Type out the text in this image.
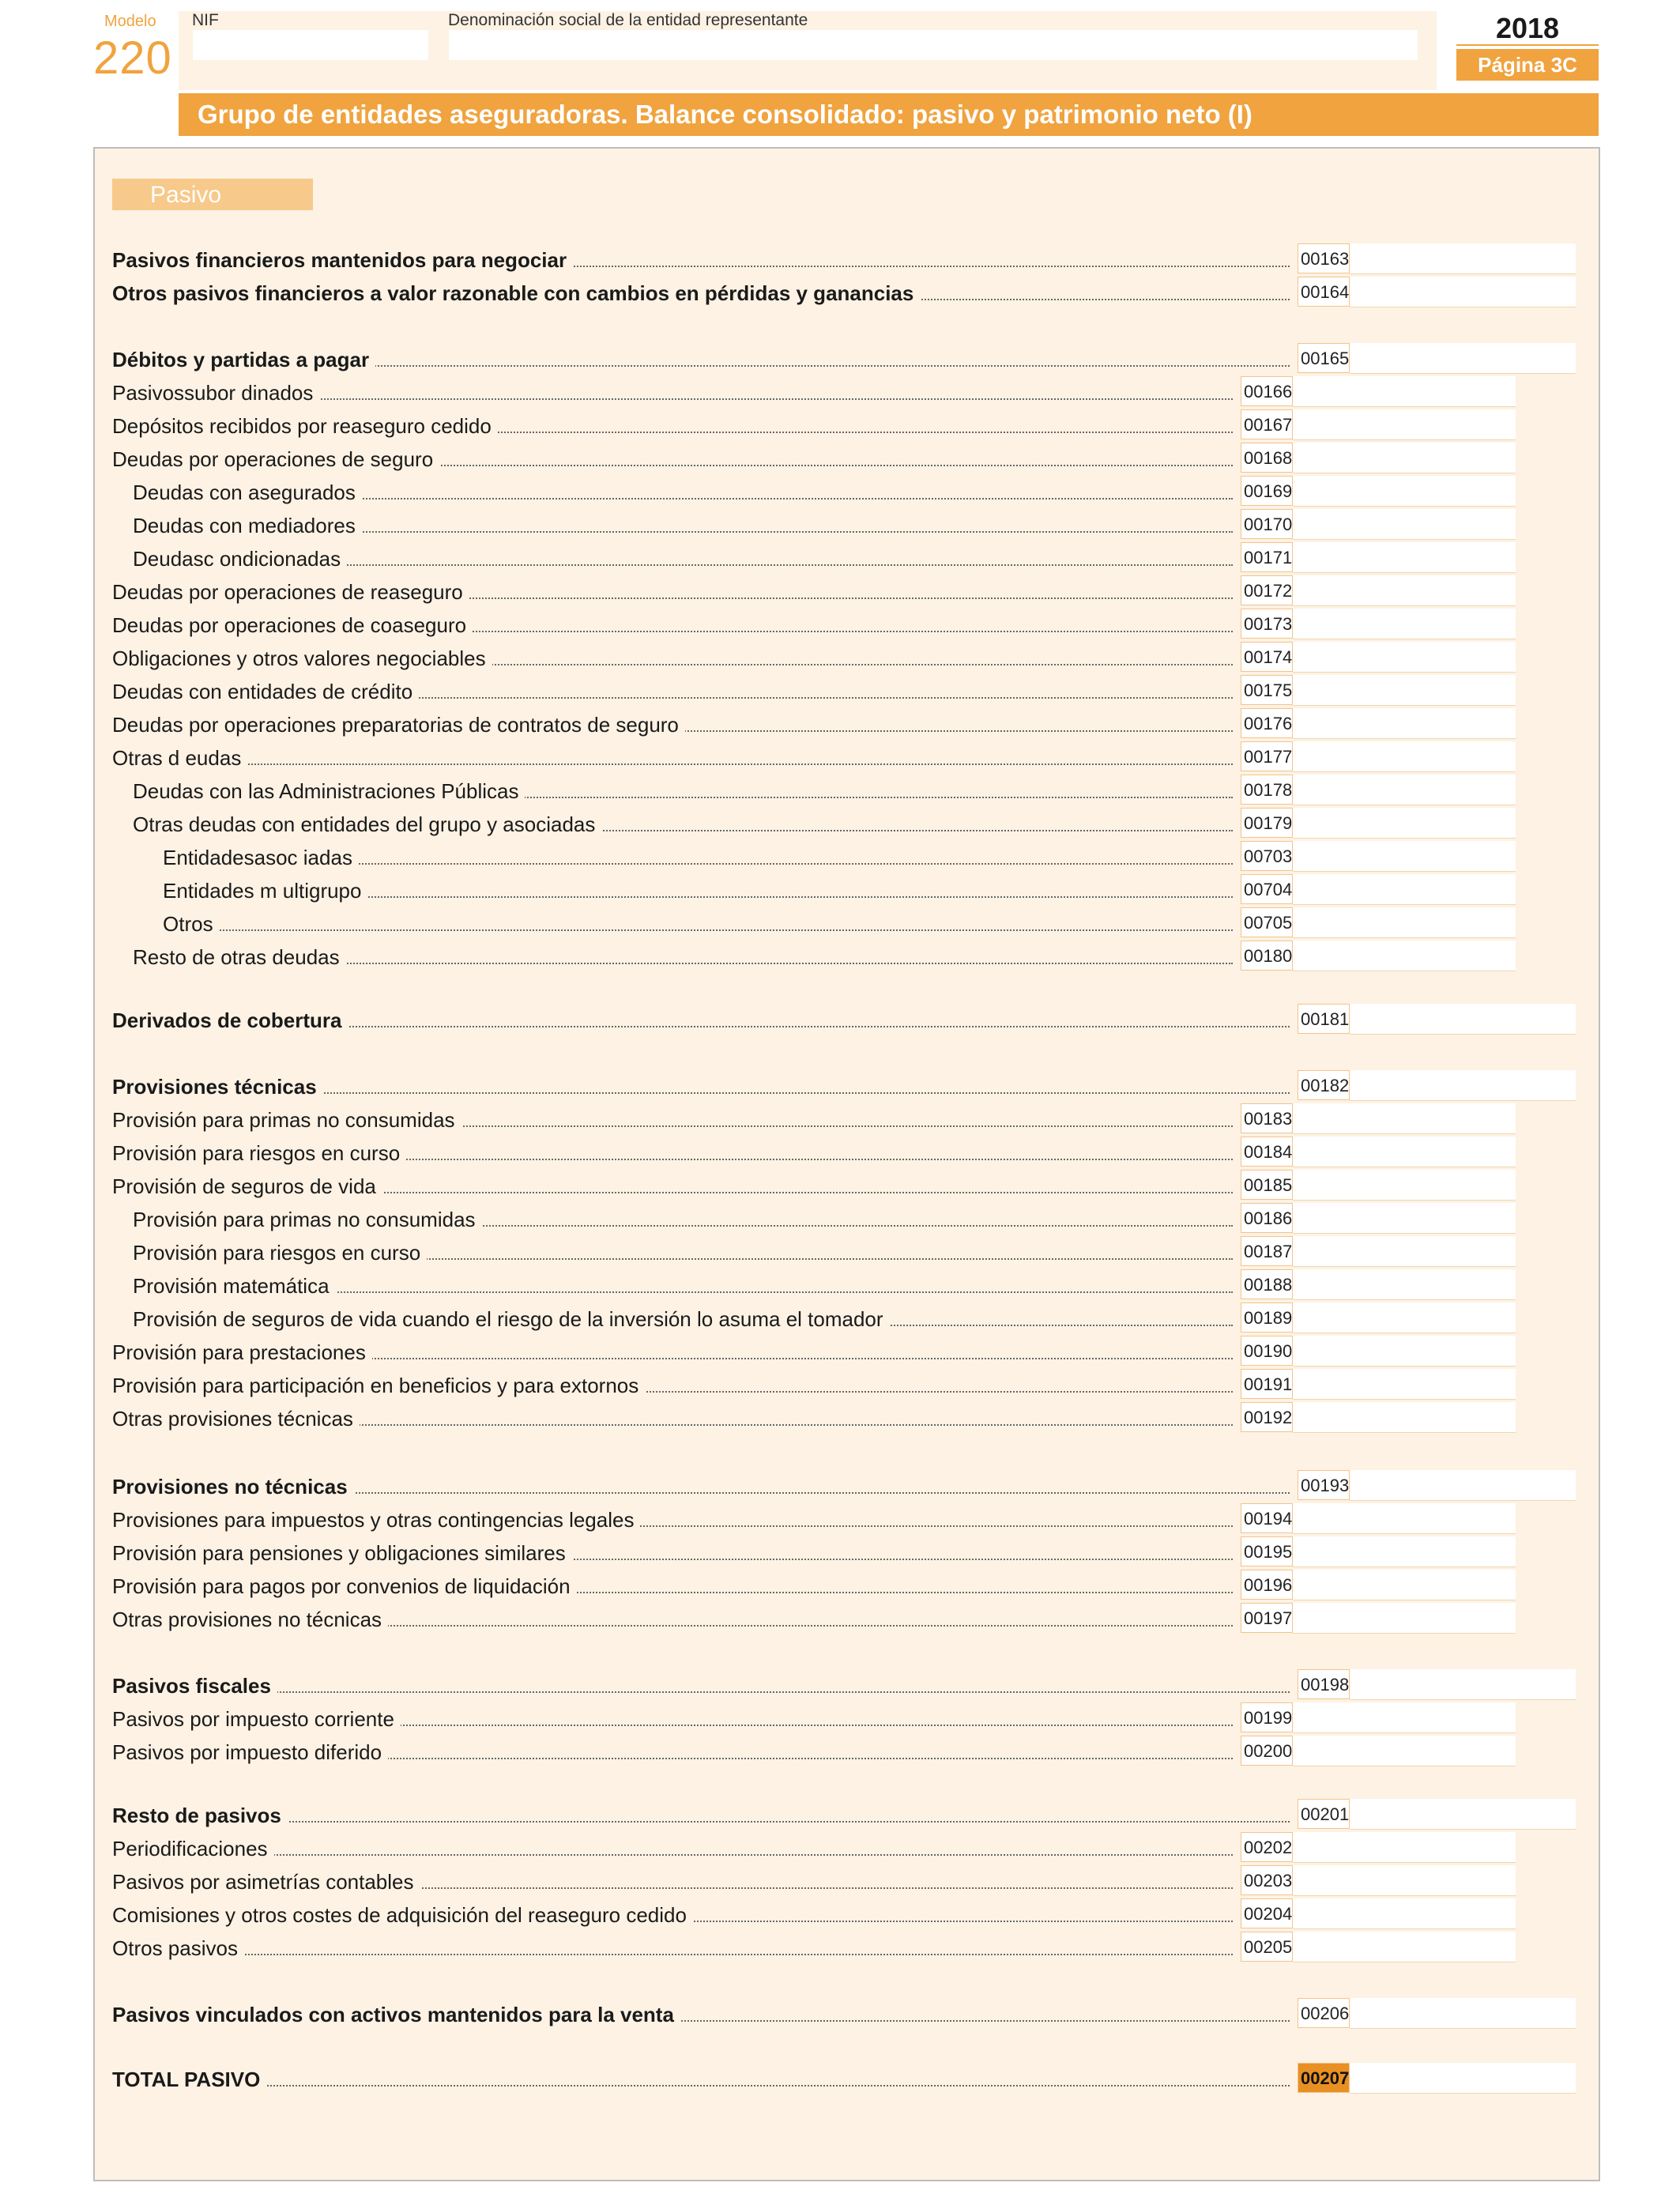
Modelo
220
NIF	Denominación social de la entidad representante	2018
Página 3C
Grupo de entidades aseguradoras. Balance consolidado: pasivo y patrimonio neto (I)
Pasivo
Pasivos financieros mantenidos para negociar	00163
Otros pasivos financieros a valor razonable con cambios en pérdidas y ganancias	00164
Débitos y partidas a pagar	00165
Pasivossubor dinados	00166
Depósitos recibidos por reaseguro cedido	00167
Deudas por operaciones de seguro	00168
Deudas con asegurados	00169
Deudas con mediadores	00170
Deudasc ondicionadas	00171
Deudas por operaciones de reaseguro	00172
Deudas por operaciones de coaseguro	00173
Obligaciones y otros valores negociables	00174
Deudas con entidades de crédito	00175
Deudas por operaciones preparatorias de contratos de seguro	00176
Otras d eudas	00177
Deudas con las Administraciones Públicas	00178
Otras deudas con entidades del grupo y asociadas	00179
Entidadesasoc iadas	00703
Entidades m ultigrupo	00704
Otros	00705
Resto de otras deudas	00180
Derivados de cobertura	00181
Provisiones técnicas	00182
Provisión para primas no consumidas	00183
Provisión para riesgos en curso	00184
Provisión de seguros de vida	00185
Provisión para primas no consumidas	00186
Provisión para riesgos en curso	00187
Provisión matemática	00188
Provisión de seguros de vida cuando el riesgo de la inversión lo asuma el tomador	00189
Provisión para prestaciones	00190
Provisión para participación en beneficios y para extornos	00191
Otras provisiones técnicas	00192
Provisiones no técnicas	00193
Provisiones para impuestos y otras contingencias legales	00194
Provisión para pensiones y obligaciones similares	00195
Provisión para pagos por convenios de liquidación	00196
Otras provisiones no técnicas	00197
Pasivos fiscales	00198
Pasivos por impuesto corriente	00199
Pasivos por impuesto diferido	00200
Resto de pasivos	00201
Periodificaciones	00202
Pasivos por asimetrías contables	00203
Comisiones y otros costes de adquisición del reaseguro cedido	00204
Otros pasivos	00205
Pasivos vinculados con activos mantenidos para la venta	00206
TOTAL PASIVO	00207
